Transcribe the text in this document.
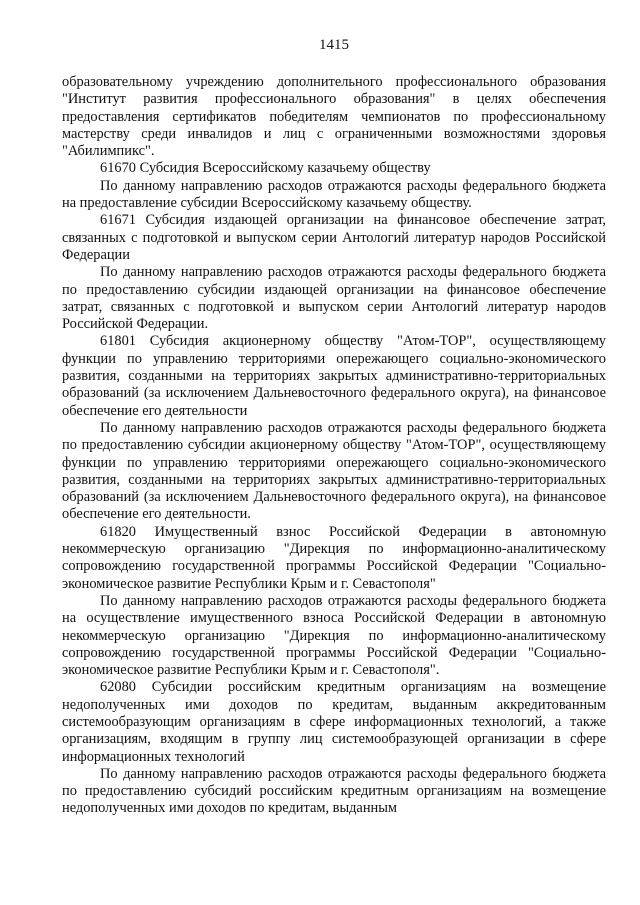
1415

образовательному учреждению дополнительного профессионального образования "Институт развития профессионального образования" в целях обеспечения предоставления сертификатов победителям чемпионатов по профессиональному мастерству среди инвалидов и лиц с ограниченными возможностями здоровья "Абилимпикс".

61670 Субсидия Всероссийскому казачьему обществу

По данному направлению расходов отражаются расходы федерального бюджета на предоставление субсидии Всероссийскому казачьему обществу.

61671 Субсидия издающей организации на финансовое обеспечение затрат, связанных с подготовкой и выпуском серии Антологий литератур народов Российской Федерации

По данному направлению расходов отражаются расходы федерального бюджета по предоставлению субсидии издающей организации на финансовое обеспечение затрат, связанных с подготовкой и выпуском серии Антологий литератур народов Российской Федерации.

61801 Субсидия акционерному обществу "Атом-ТОР", осуществляющему функции по управлению территориями опережающего социально-экономического развития, созданными на территориях закрытых административно-территориальных образований (за исключением Дальневосточного федерального округа), на финансовое обеспечение его деятельности

По данному направлению расходов отражаются расходы федерального бюджета по предоставлению субсидии акционерному обществу "Атом-ТОР", осуществляющему функции по управлению территориями опережающего социально-экономического развития, созданными на территориях закрытых административно-территориальных образований (за исключением Дальневосточного федерального округа), на финансовое обеспечение его деятельности.

61820 Имущественный взнос Российской Федерации в автономную некоммерческую организацию "Дирекция по информационно-аналитическому сопровождению государственной программы Российской Федерации "Социально-экономическое развитие Республики Крым и г. Севастополя"

По данному направлению расходов отражаются расходы федерального бюджета на осуществление имущественного взноса Российской Федерации в автономную некоммерческую организацию "Дирекция по информационно-аналитическому сопровождению государственной программы Российской Федерации "Социально-экономическое развитие Республики Крым и г. Севастополя".

62080 Субсидии российским кредитным организациям на возмещение недополученных ими доходов по кредитам, выданным аккредитованным системообразующим организациям в сфере информационных технологий, а также организациям, входящим в группу лиц системообразующей организации в сфере информационных технологий

По данному направлению расходов отражаются расходы федерального бюджета по предоставлению субсидий российским кредитным организациям на возмещение недополученных ими доходов по кредитам, выданным
